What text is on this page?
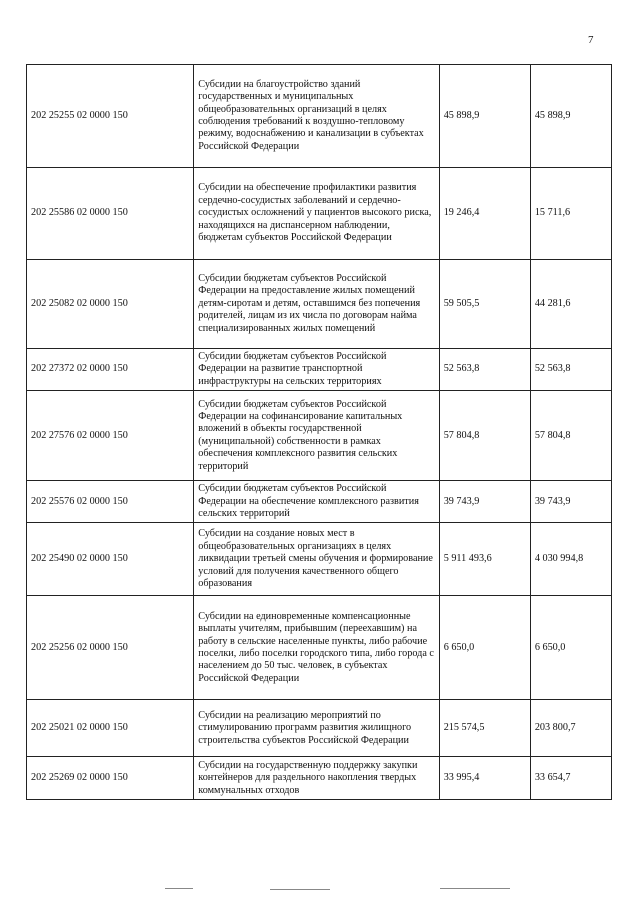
7
202 25255 02 0000 150	Субсидии на благоустройство зданий государственных и муниципальных общеобразовательных организаций в целях соблюдения требований к воздушно-тепловому режиму, водоснабжению и канализации в субъектах Российской Федерации	45 898,9	45 898,9
202 25586 02 0000 150	Субсидии на обеспечение профилактики развития сердечно-сосудистых заболеваний и сердечно-сосудистых осложнений у пациентов высокого риска, находящихся на диспансерном наблюдении, бюджетам субъектов Российской Федерации	19 246,4	15 711,6
202 25082 02 0000 150	Субсидии бюджетам субъектов Российской Федерации на предоставление жилых помещений детям-сиротам и детям, оставшимся без попечения родителей, лицам из их числа по договорам найма специализированных жилых помещений	59 505,5	44 281,6
202 27372 02 0000 150	Субсидии бюджетам субъектов Российской Федерации на развитие транспортной инфраструктуры на сельских территориях	52 563,8	52 563,8
202 27576 02 0000 150	Субсидии бюджетам субъектов Российской Федерации на софинансирование капитальных вложений в объекты государственной (муниципальной) собственности в рамках обеспечения комплексного развития сельских территорий	57 804,8	57 804,8
202 25576 02 0000 150	Субсидии бюджетам субъектов Российской Федерации на обеспечение комплексного развития сельских территорий	39 743,9	39 743,9
202 25490 02 0000 150	Субсидии на создание новых мест в общеобразовательных организациях в целях ликвидации третьей смены обучения и формирование условий для получения качественного общего образования	5 911 493,6	4 030 994,8
202 25256 02 0000 150	Субсидии на единовременные компенсационные выплаты учителям, прибывшим (переехавшим) на работу в сельские населенные пункты, либо рабочие поселки, либо поселки городского типа, либо города с населением до 50 тыс. человек, в субъектах Российской Федерации	6 650,0	6 650,0
202 25021 02 0000 150	Субсидии на реализацию мероприятий по стимулированию программ развития жилищного строительства субъектов Российской Федерации	215 574,5	203 800,7
202 25269 02 0000 150	Субсидии на государственную поддержку закупки контейнеров для раздельного накопления твердых коммунальных отходов	33 995,4	33 654,7
